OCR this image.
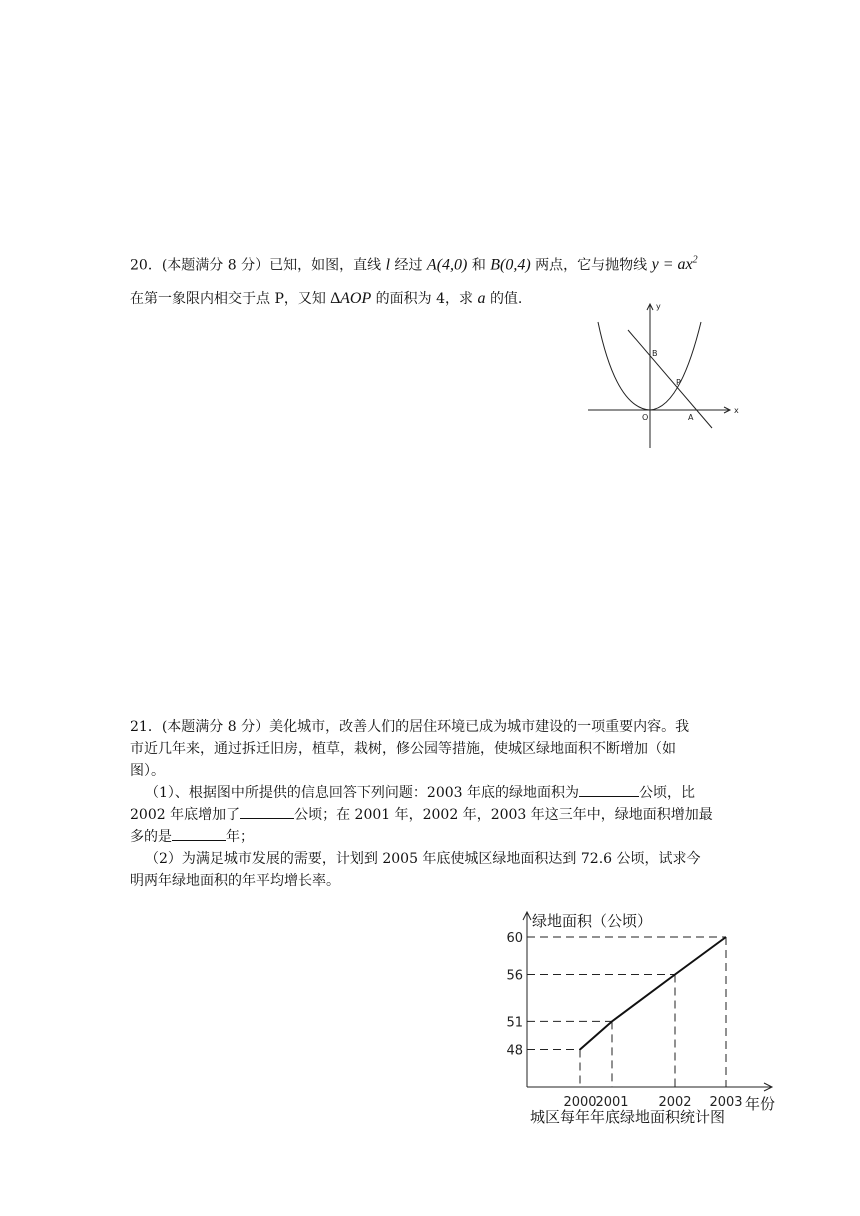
20．(本题满分 8 分）已知，如图，直线 l 经过 A(4,0) 和 B(0,4) 两点，它与抛物线 $y = ax^2$
在第一象限内相交于点 P，又知 ∆AOP 的面积为 4，求 a 的值.	y
x
B
P
O	A
21．(本题满分 8 分）美化城市，改善人们的居住环境已成为城市建设的一项重要内容。我
市近几年来，通过拆迁旧房，植草，栽树，修公园等措施，使城区绿地面积不断增加（如
图）。
（1）、根据图中所提供的信息回答下列问题：2003 年底的绿地面积为	公顷，比
2002 年底增加了	公顷；在 2001 年，2002 年，2003 年这三年中，绿地面积增加最
多的是	年；
（2）为满足城市发展的需要，计划到 2005 年底使城区绿地面积达到 72.6 公顷，试求今
明两年绿地面积的年平均增长率。
48
51
56
60
2000
2001 2002 2003
绿地面积（公顷）
年份
城区每年年底绿地面积统计图
